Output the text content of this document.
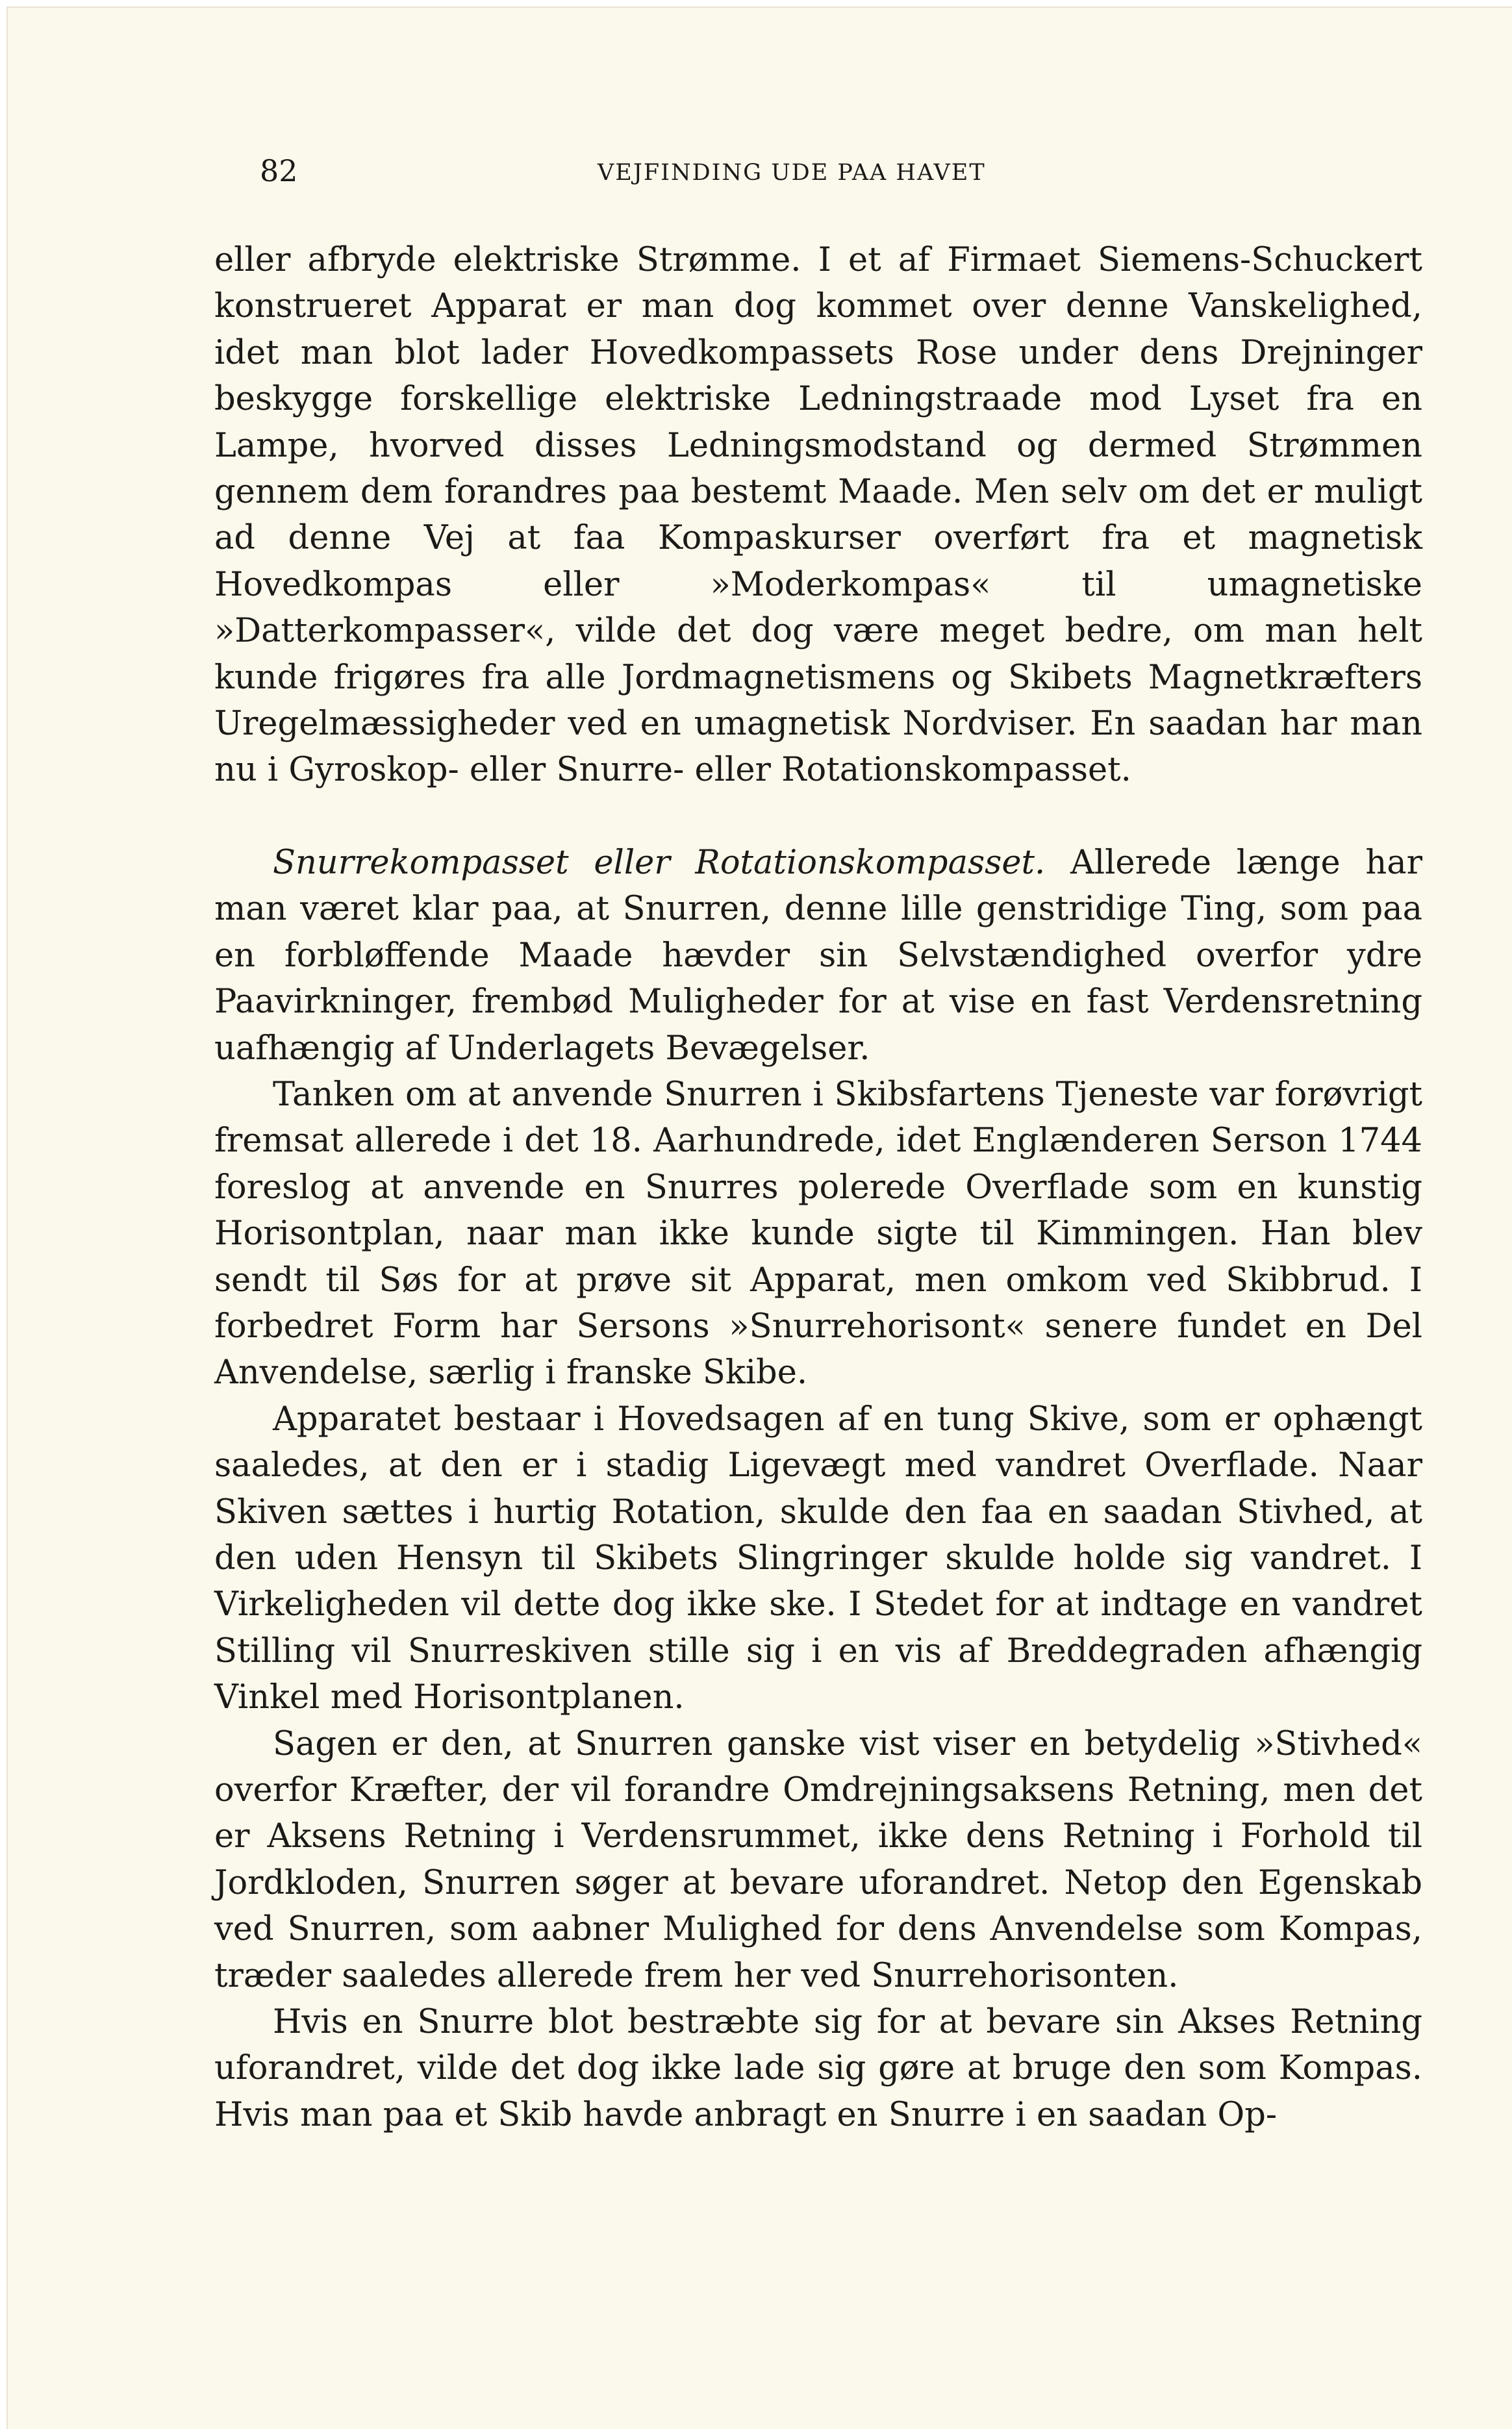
82	VEJFINDING UDE PAA HAVET

eller afbryde elektriske Strømme. I et af Firmaet Siemens-Schuckert konstrueret Apparat er man dog kommet over denne Vanskelighed, idet man blot lader Hovedkompassets Rose under dens Drejninger beskygge forskellige elektriske Ledningstraade mod Lyset fra en Lampe, hvorved disses Ledningsmodstand og dermed Strømmen gennem dem forandres paa bestemt Maade. Men selv om det er muligt ad denne Vej at faa Kompaskurser overført fra et magnetisk Hovedkompas eller »Moderkompas« til umagnetiske »Datterkompasser«, vilde det dog være meget bedre, om man helt kunde frigøres fra alle Jordmagnetismens og Skibets Magnetkræfters Uregelmæssigheder ved en umagnetisk Nordviser. En saadan har man nu i Gyroskop- eller Snurre- eller Rotationskompasset.

Snurrekompasset eller Rotationskompasset. Allerede længe har man været klar paa, at Snurren, denne lille genstridige Ting, som paa en forbløffende Maade hævder sin Selvstændighed overfor ydre Paavirkninger, frembød Muligheder for at vise en fast Verdensretning uafhængig af Underlagets Bevægelser.

Tanken om at anvende Snurren i Skibsfartens Tjeneste var forøvrigt fremsat allerede i det 18. Aarhundrede, idet Englænderen Serson 1744 foreslog at anvende en Snurres polerede Overflade som en kunstig Horisontplan, naar man ikke kunde sigte til Kimmingen. Han blev sendt til Søs for at prøve sit Apparat, men omkom ved Skibbrud. I forbedret Form har Sersons »Snurrehorisont« senere fundet en Del Anvendelse, særlig i franske Skibe.

Apparatet bestaar i Hovedsagen af en tung Skive, som er ophængt saaledes, at den er i stadig Ligevægt med vandret Overflade. Naar Skiven sættes i hurtig Rotation, skulde den faa en saadan Stivhed, at den uden Hensyn til Skibets Slingringer skulde holde sig vandret. I Virkeligheden vil dette dog ikke ske. I Stedet for at indtage en vandret Stilling vil Snurreskiven stille sig i en vis af Breddegraden afhængig Vinkel med Horisontplanen.

Sagen er den, at Snurren ganske vist viser en betydelig »Stivhed« overfor Kræfter, der vil forandre Omdrejningsaksens Retning, men det er Aksens Retning i Verdensrummet, ikke dens Retning i Forhold til Jordkloden, Snurren søger at bevare uforandret. Netop den Egenskab ved Snurren, som aabner Mulighed for dens Anvendelse som Kompas, træder saaledes allerede frem her ved Snurrehorisonten.

Hvis en Snurre blot bestræbte sig for at bevare sin Akses Retning uforandret, vilde det dog ikke lade sig gøre at bruge den som Kompas. Hvis man paa et Skib havde anbragt en Snurre i en saadan Op-
